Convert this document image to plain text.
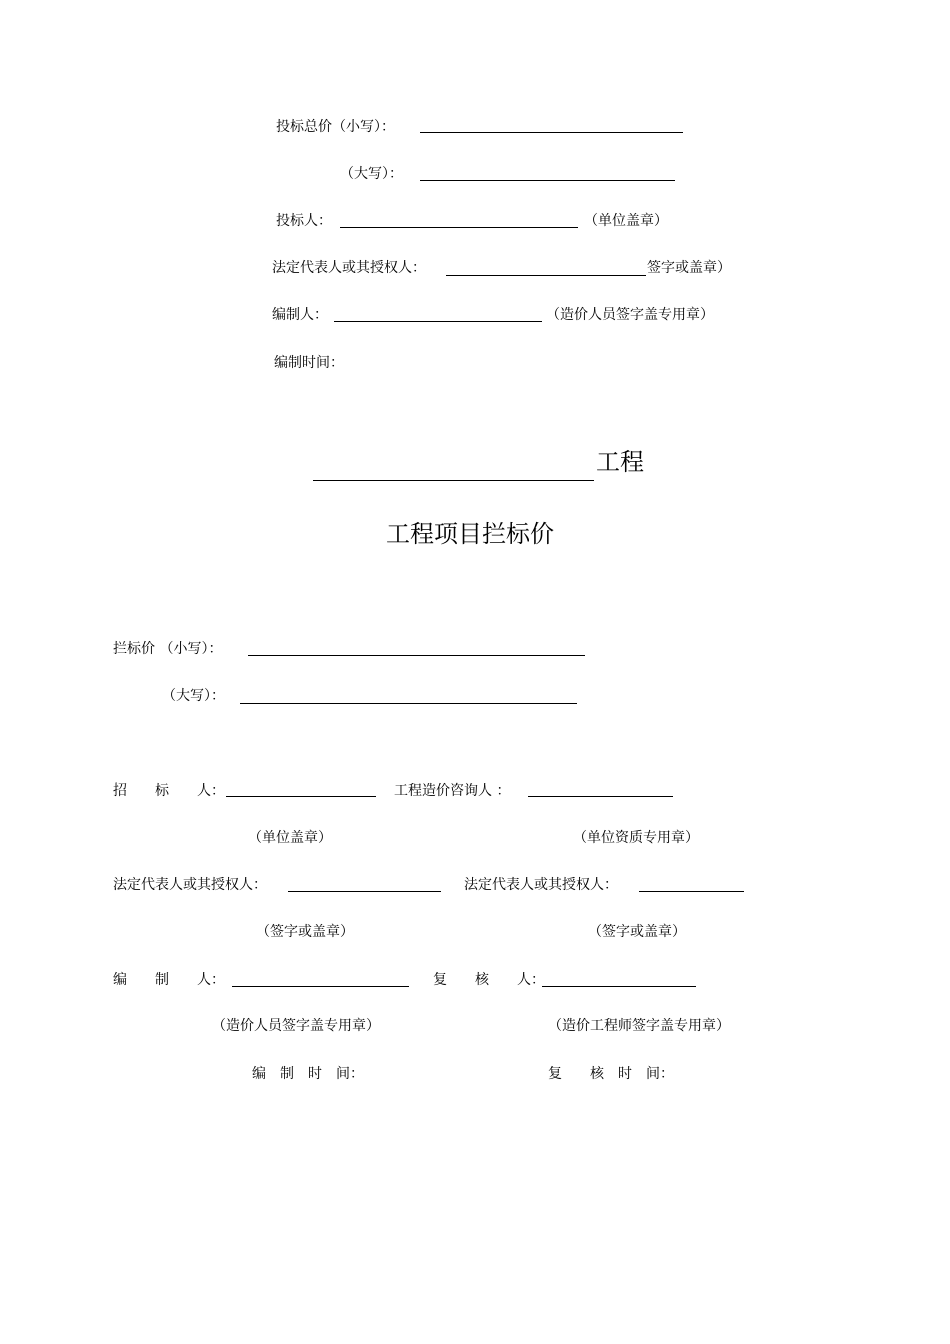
投标总价（小写）：
（大写）：
投标人：	（单位盖章）
法定代表人或其授权人：	签字或盖章）
编制人：	（造价人员签字盖专用章）
编制时间：
工程
工程项目拦标价
拦标价 （小写）：
（大写）：
招　　标　　人：	工程造价咨询人 ：
（单位盖章）	（单位资质专用章）
法定代表人或其授权人：	法定代表人或其授权人：
（签字或盖章）	（签字或盖章）
编　　制　　人：	复　　核　　人：
（造价人员签字盖专用章）	（造价工程师签字盖专用章）
编　制　时　间：	复　　核　时　间：
